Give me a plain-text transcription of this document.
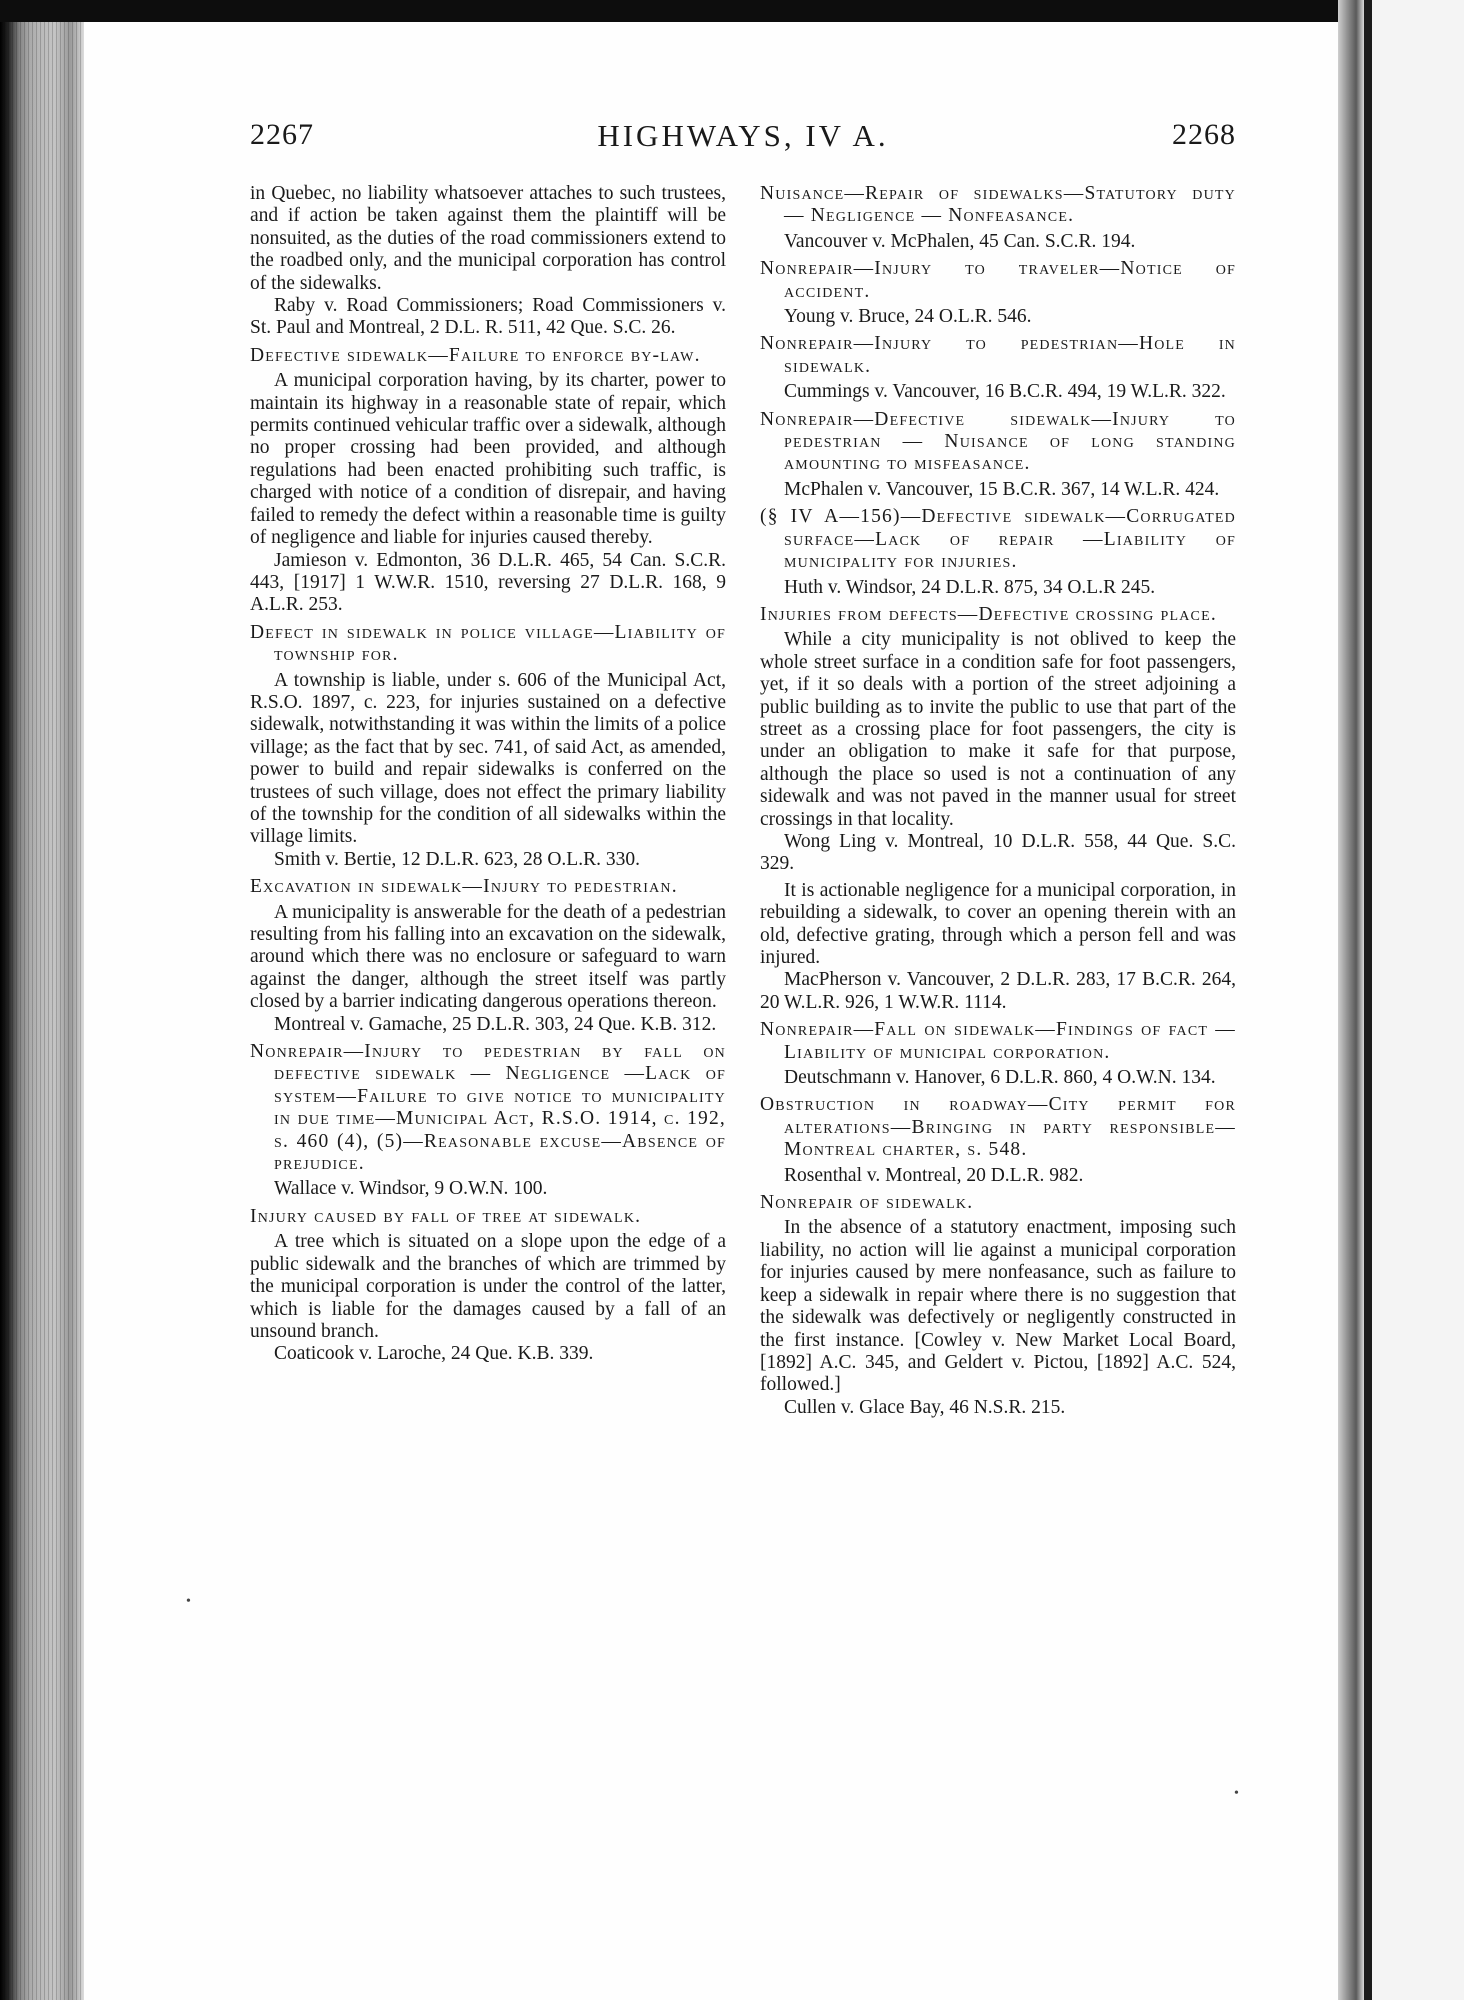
2267	HIGHWAYS, IV A.	2268

in Quebec, no liability whatsoever attaches to such trustees, and if action be taken against them the plaintiff will be nonsuited, as the duties of the road commissioners extend to the roadbed only, and the municipal corporation has control of the sidewalks.

Raby v. Road Commissioners; Road Commissioners v. St. Paul and Montreal, 2 D.L. R. 511, 42 Que. S.C. 26.

Defective sidewalk—Failure to enforce by-law.

A municipal corporation having, by its charter, power to maintain its highway in a reasonable state of repair, which permits continued vehicular traffic over a sidewalk, although no proper crossing had been provided, and although regulations had been enacted prohibiting such traffic, is charged with notice of a condition of disrepair, and having failed to remedy the defect within a reasonable time is guilty of negligence and liable for injuries caused thereby.

Jamieson v. Edmonton, 36 D.L.R. 465, 54 Can. S.C.R. 443, [1917] 1 W.W.R. 1510, reversing 27 D.L.R. 168, 9 A.L.R. 253.

Defect in sidewalk in police village—Liability of township for.

A township is liable, under s. 606 of the Municipal Act, R.S.O. 1897, c. 223, for injuries sustained on a defective sidewalk, notwithstanding it was within the limits of a police village; as the fact that by sec. 741, of said Act, as amended, power to build and repair sidewalks is conferred on the trustees of such village, does not effect the primary liability of the township for the condition of all sidewalks within the village limits.

Smith v. Bertie, 12 D.L.R. 623, 28 O.L.R. 330.

Excavation in sidewalk—Injury to pedestrian.

A municipality is answerable for the death of a pedestrian resulting from his falling into an excavation on the sidewalk, around which there was no enclosure or safeguard to warn against the danger, although the street itself was partly closed by a barrier indicating dangerous operations thereon.

Montreal v. Gamache, 25 D.L.R. 303, 24 Que. K.B. 312.

Nonrepair—Injury to pedestrian by fall on defective sidewalk — Negligence —Lack of system—Failure to give notice to municipality in due time—Municipal Act, R.S.O. 1914, c. 192, s. 460 (4), (5)—Reasonable excuse—Absence of prejudice.

Wallace v. Windsor, 9 O.W.N. 100.

Injury caused by fall of tree at sidewalk.

A tree which is situated on a slope upon the edge of a public sidewalk and the branches of which are trimmed by the municipal corporation is under the control of the latter, which is liable for the damages caused by a fall of an unsound branch.

Coaticook v. Laroche, 24 Que. K.B. 339.

Nuisance—Repair of sidewalks—Statutory duty — Negligence — Nonfeasance.

Vancouver v. McPhalen, 45 Can. S.C.R. 194.

Nonrepair—Injury to traveler—Notice of accident.

Young v. Bruce, 24 O.L.R. 546.

Nonrepair—Injury to pedestrian—Hole in sidewalk.

Cummings v. Vancouver, 16 B.C.R. 494, 19 W.L.R. 322.

Nonrepair—Defective sidewalk—Injury to pedestrian — Nuisance of long standing amounting to misfeasance.

McPhalen v. Vancouver, 15 B.C.R. 367, 14 W.L.R. 424.

(§ IV A—156)—Defective sidewalk—Corrugated surface—Lack of repair —Liability of municipality for injuries.

Huth v. Windsor, 24 D.L.R. 875, 34 O.L.R 245.

Injuries from defects—Defective crossing place.

While a city municipality is not oblived to keep the whole street surface in a condition safe for foot passengers, yet, if it so deals with a portion of the street adjoining a public building as to invite the public to use that part of the street as a crossing place for foot passengers, the city is under an obligation to make it safe for that purpose, although the place so used is not a continuation of any sidewalk and was not paved in the manner usual for street crossings in that locality.

Wong Ling v. Montreal, 10 D.L.R. 558, 44 Que. S.C. 329.

It is actionable negligence for a municipal corporation, in rebuilding a sidewalk, to cover an opening therein with an old, defective grating, through which a person fell and was injured.

MacPherson v. Vancouver, 2 D.L.R. 283, 17 B.C.R. 264, 20 W.L.R. 926, 1 W.W.R. 1114.

Nonrepair—Fall on sidewalk—Findings of fact — Liability of municipal corporation.

Deutschmann v. Hanover, 6 D.L.R. 860, 4 O.W.N. 134.

Obstruction in roadway—City permit for alterations—Bringing in party responsible—Montreal charter, s. 548.

Rosenthal v. Montreal, 20 D.L.R. 982.

Nonrepair of sidewalk.

In the absence of a statutory enactment, imposing such liability, no action will lie against a municipal corporation for injuries caused by mere nonfeasance, such as failure to keep a sidewalk in repair where there is no suggestion that the sidewalk was defectively or negligently constructed in the first instance. [Cowley v. New Market Local Board, [1892] A.C. 345, and Geldert v. Pictou, [1892] A.C. 524, followed.]

Cullen v. Glace Bay, 46 N.S.R. 215.

•
•
